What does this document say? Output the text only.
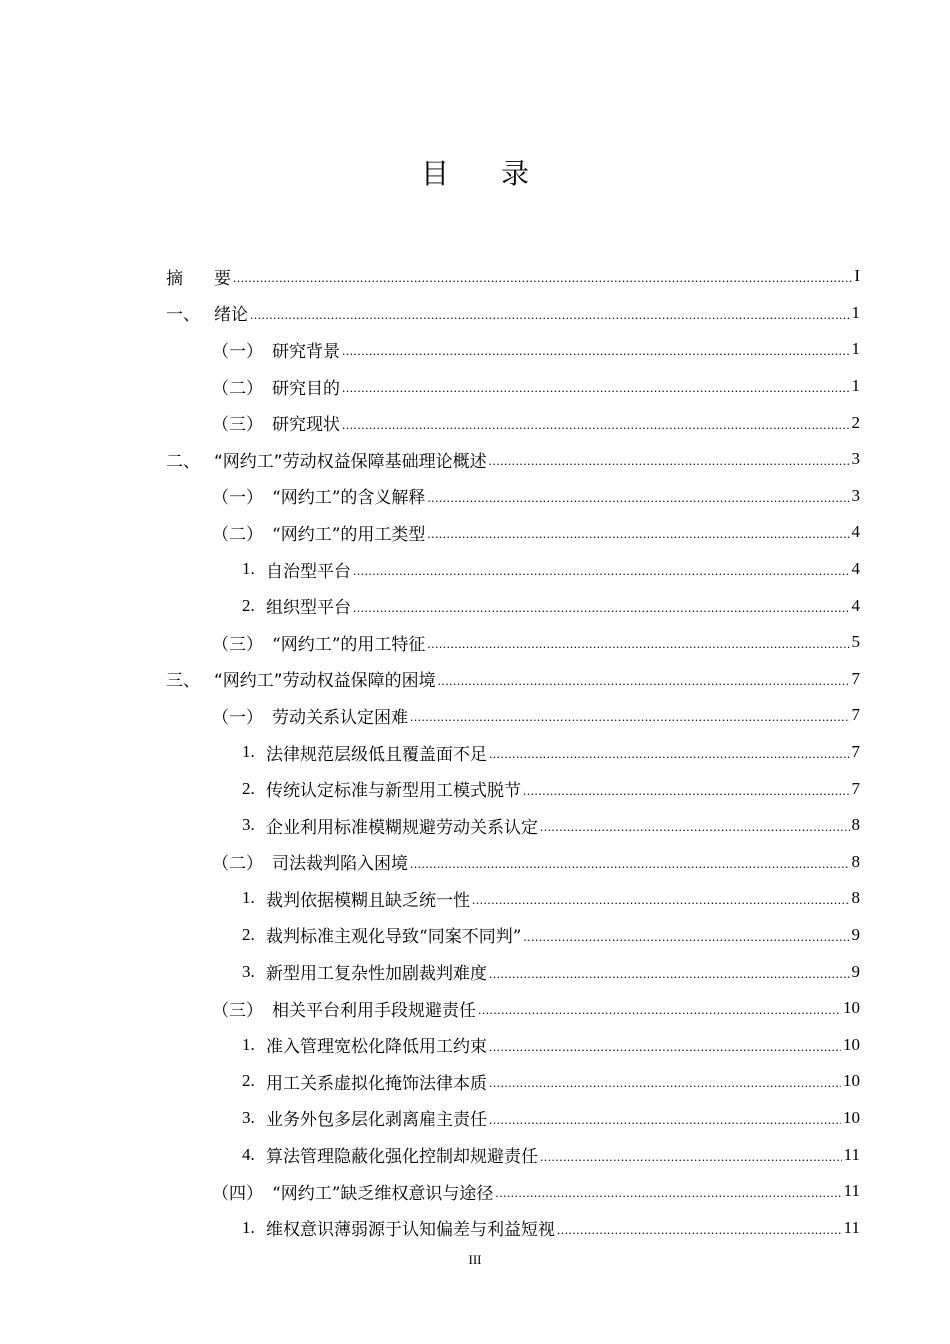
目 录
摘	要 .....	I
一、 绪论 .....	1
（一） 研究背景 .....	1
（二） 研究目的 .....	1
（三） 研究现状 .....	2
二、 “网约工”劳动权益保障基础理论概述 .....	3
（一） “网约工”的含义解释 .....	3
（二） “网约工”的用工类型 .....	4
1. 自治型平台 .....	4
2. 组织型平台 .....	4
（三） “网约工”的用工特征 .....	5
三、 “网约工”劳动权益保障的困境 .....	7
（一） 劳动关系认定困难 .....	7
1. 法律规范层级低且覆盖面不足 .....	7
2. 传统认定标准与新型用工模式脱节 .....	7
3. 企业利用标准模糊规避劳动关系认定 .....	8
（二） 司法裁判陷入困境 .....	8
1. 裁判依据模糊且缺乏统一性 .....	8
2. 裁判标准主观化导致“同案不同判” .....	9
3. 新型用工复杂性加剧裁判难度 .....	9
（三） 相关平台利用手段规避责任 .....	10
1. 准入管理宽松化降低用工约束 .....	10
2. 用工关系虚拟化掩饰法律本质 .....	10
3. 业务外包多层化剥离雇主责任 .....	10
4. 算法管理隐蔽化强化控制却规避责任 .....	11
（四） “网约工”缺乏维权意识与途径 .....	11
1. 维权意识薄弱源于认知偏差与利益短视 .....	11
III
